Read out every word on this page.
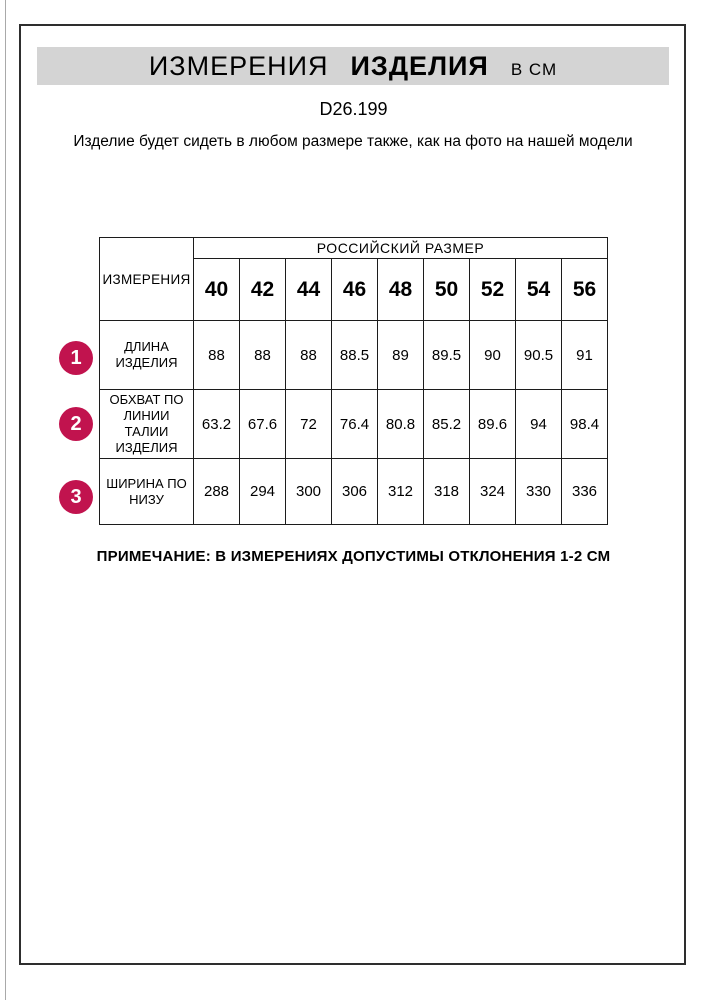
ИЗМЕРЕНИЯ ИЗДЕЛИЯ В СМ
D26.199
Изделие будет сидеть в любом размере также, как на фото на нашей модели
ИЗМЕРЕНИЯ	РОССИЙСКИЙ РАЗМЕР								
	40	42	44	46	48	50	52	54	56
ДЛИНА ИЗДЕЛИЯ	88	88	88	88.5	89	89.5	90	90.5	91
ОБХВАТ ПО ЛИНИИ ТАЛИИ ИЗДЕЛИЯ	63.2	67.6	72	76.4	80.8	85.2	89.6	94	98.4
ШИРИНА ПО НИЗУ	288	294	300	306	312	318	324	330	336
1
2
3
ПРИМЕЧАНИЕ: В ИЗМЕРЕНИЯХ ДОПУСТИМЫ ОТКЛОНЕНИЯ 1-2 СМ
